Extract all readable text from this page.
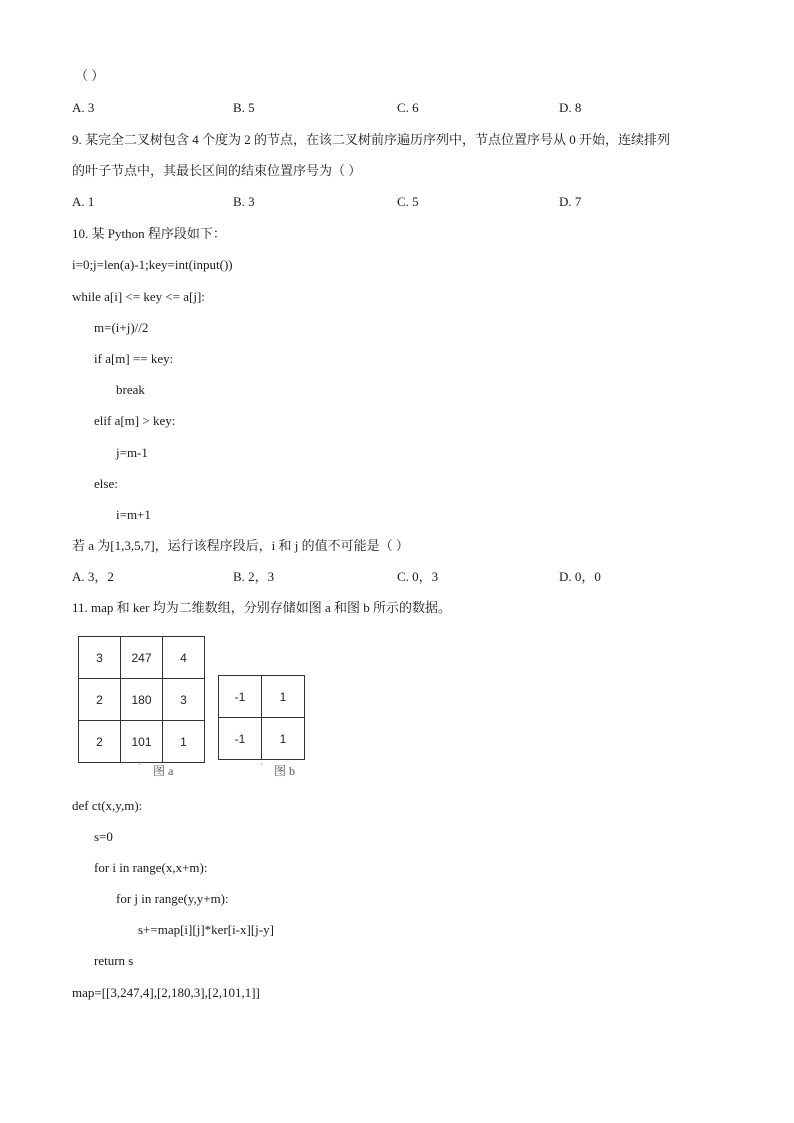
（ ）
A. 3	B. 5	C. 6	D. 8
9. 某完全二叉树包含 4 个度为 2 的节点，在该二叉树前序遍历序列中，节点位置序号从 0 开始，连续排列
的叶子节点中，其最长区间的结束位置序号为（ ）
A. 1	B. 3	C. 5	D. 7
10. 某 Python 程序段如下：
i=0;j=len(a)-1;key=int(input())
while a[i] <= key <= a[j]:
m=(i+j)//2
if a[m] == key:
break
elif a[m] > key:
j=m-1
else:
i=m+1
若 a 为[1,3,5,7]，运行该程序段后，i 和 j 的值不可能是（ ）
A. 3，2	B. 2，3	C. 0，3	D. 0，0
11. map 和 ker 均为二维数组，分别存储如图 a 和图 b 所示的数据。
3	247	4
2	180	3
2	101	1
-1	1
-1	1
· 图 a	· 图 b
def ct(x,y,m):
s=0
for i in range(x,x+m):
for j in range(y,y+m):
s+=map[i][j]*ker[i-x][j-y]
return s
map=[[3,247,4],[2,180,3],[2,101,1]]
